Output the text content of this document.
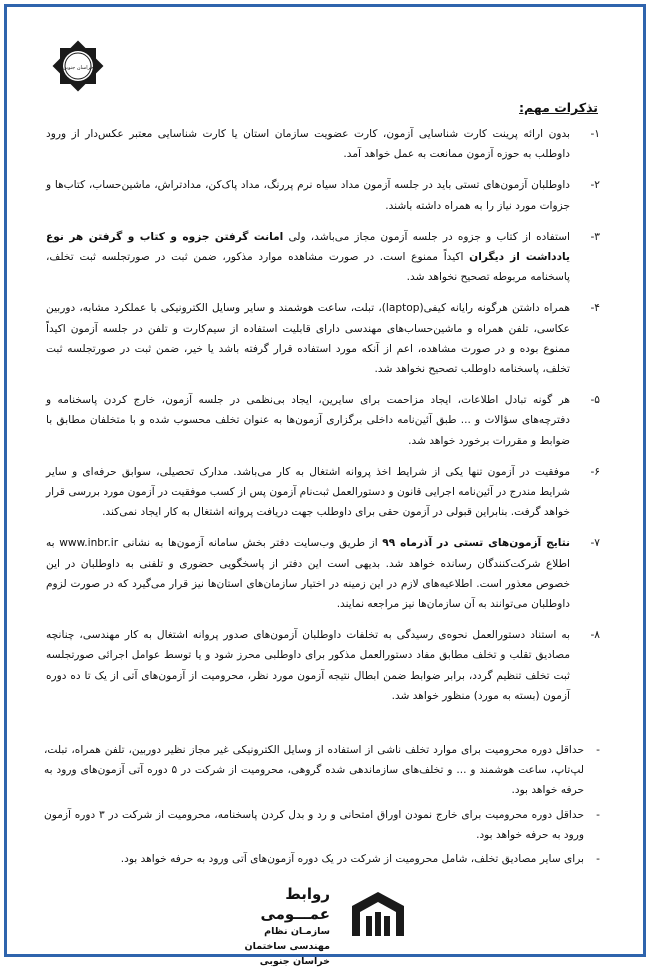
خراسان جنوبی
تذکرات مهم:
۱-
بدون ارائه پرینت کارت شناسایی آزمون، کارت عضویت سازمان استان یا کارت شناسایی معتبر عکس‌دار از ورود داوطلب به حوزه آزمون ممانعت به عمل خواهد آمد.
۲-
داوطلبان آزمون‌های تستی باید در جلسه آزمون مداد سیاه نرم پررنگ، مداد پاک‌کن، مدادتراش، ماشین‌حساب، کتاب‌ها و جزوات مورد نیاز را به همراه داشته باشند.
۳-
استفاده از کتاب و جزوه در جلسه آزمون مجاز می‌باشد، ولی امانت گرفتن جزوه و کتاب و گرفتن هر نوع یادداشت از دیگران اکیداً ممنوع است. در صورت مشاهده موارد مذکور، ضمن ثبت در صورتجلسه ثبت تخلف، پاسخنامه مربوطه تصحیح نخواهد شد.
۴-
همراه داشتن هرگونه رایانه کیفی(laptop)، تبلت، ساعت هوشمند و سایر وسایل الکترونیکی با عملکرد مشابه، دوربین عکاسی، تلفن همراه و ماشین‌حساب‌های مهندسی دارای قابلیت استفاده از سیم‌کارت و تلفن در جلسه آزمون اکیداً ممنوع بوده و در صورت مشاهده، اعم از آنکه مورد استفاده قرار گرفته باشد یا خیر، ضمن ثبت در صورتجلسه ثبت تخلف، پاسخنامه داوطلب تصحیح نخواهد شد.
۵-
هر گونه تبادل اطلاعات، ایجاد مزاحمت برای سایرین، ایجاد بی‌نظمی در جلسه آزمون، خارج کردن پاسخنامه و دفترچه‌های سؤالات و ... طبق آئین‌نامه داخلی برگزاری آزمون‌ها به عنوان تخلف محسوب شده و با متخلفان مطابق با ضوابط و مقررات برخورد خواهد شد.
۶-
موفقیت در آزمون تنها یکی از شرایط اخذ پروانه اشتغال به کار می‌باشد. مدارک تحصیلی، سوابق حرفه‌ای و سایر شرایط مندرج در آئین‌نامه اجرایی قانون و دستورالعمل ثبت‌نام آزمون پس از کسب موفقیت در آزمون مورد بررسی قرار خواهد گرفت. بنابراین قبولی در آزمون حقی برای داوطلب جهت دریافت پروانه اشتغال به کار ایجاد نمی‌کند.
۷-
نتایج آزمون‌های تستی در آذرماه ۹۹ از طریق وب‌سایت دفتر بخش سامانه آزمون‌ها به نشانی www.inbr.ir به اطلاع شرکت‌کنندگان رسانده خواهد شد. بدیهی است این دفتر از پاسخگویی حضوری و تلفنی به داوطلبان در این خصوص معذور است. اطلاعیه‌های لازم در این زمینه در اختیار سازمان‌های استان‌ها نیز قرار می‌گیرد که در صورت لزوم داوطلبان می‌توانند به آن سازمان‌ها نیز مراجعه نمایند.
۸-
به استناد دستورالعمل نحوه‌ی رسیدگی به تخلفات داوطلبان آزمون‌های صدور پروانه اشتغال به کار مهندسی، چنانچه مصادیق تقلب و تخلف مطابق مفاد دستورالعمل مذکور برای داوطلبی محرز شود و یا توسط عوامل اجرائی صورتجلسه ثبت تخلف تنظیم گردد، برابر ضوابط ضمن ابطال نتیجه آزمون مورد نظر، محرومیت از آزمون‌های آتی از یک تا ده دوره آزمون (بسته به مورد) منظور خواهد شد.
-
حداقل دوره محرومیت برای موارد تخلف ناشی از استفاده از وسایل الکترونیکی غیر مجاز نظیر دوربین، تلفن همراه، تبلت، لپ‌تاپ، ساعت هوشمند و ... و تخلف‌های سازماندهی شده گروهی، محرومیت از شرکت در ۵ دوره آتی آزمون‌های ورود به حرفه خواهد بود.
-
حداقل دوره محرومیت برای خارج نمودن اوراق امتحانی و رد و بدل کردن پاسخنامه، محرومیت از شرکت در ۳ دوره آزمون ورود به حرفه خواهد بود.
-
برای سایر مصادیق تخلف، شامل محرومیت از شرکت در یک دوره آزمون‌های آتی ورود به حرفه خواهد بود.
روابط عمـــومی
سازمـان نظام مهندسی ساختمان
خراسان جنوبی
